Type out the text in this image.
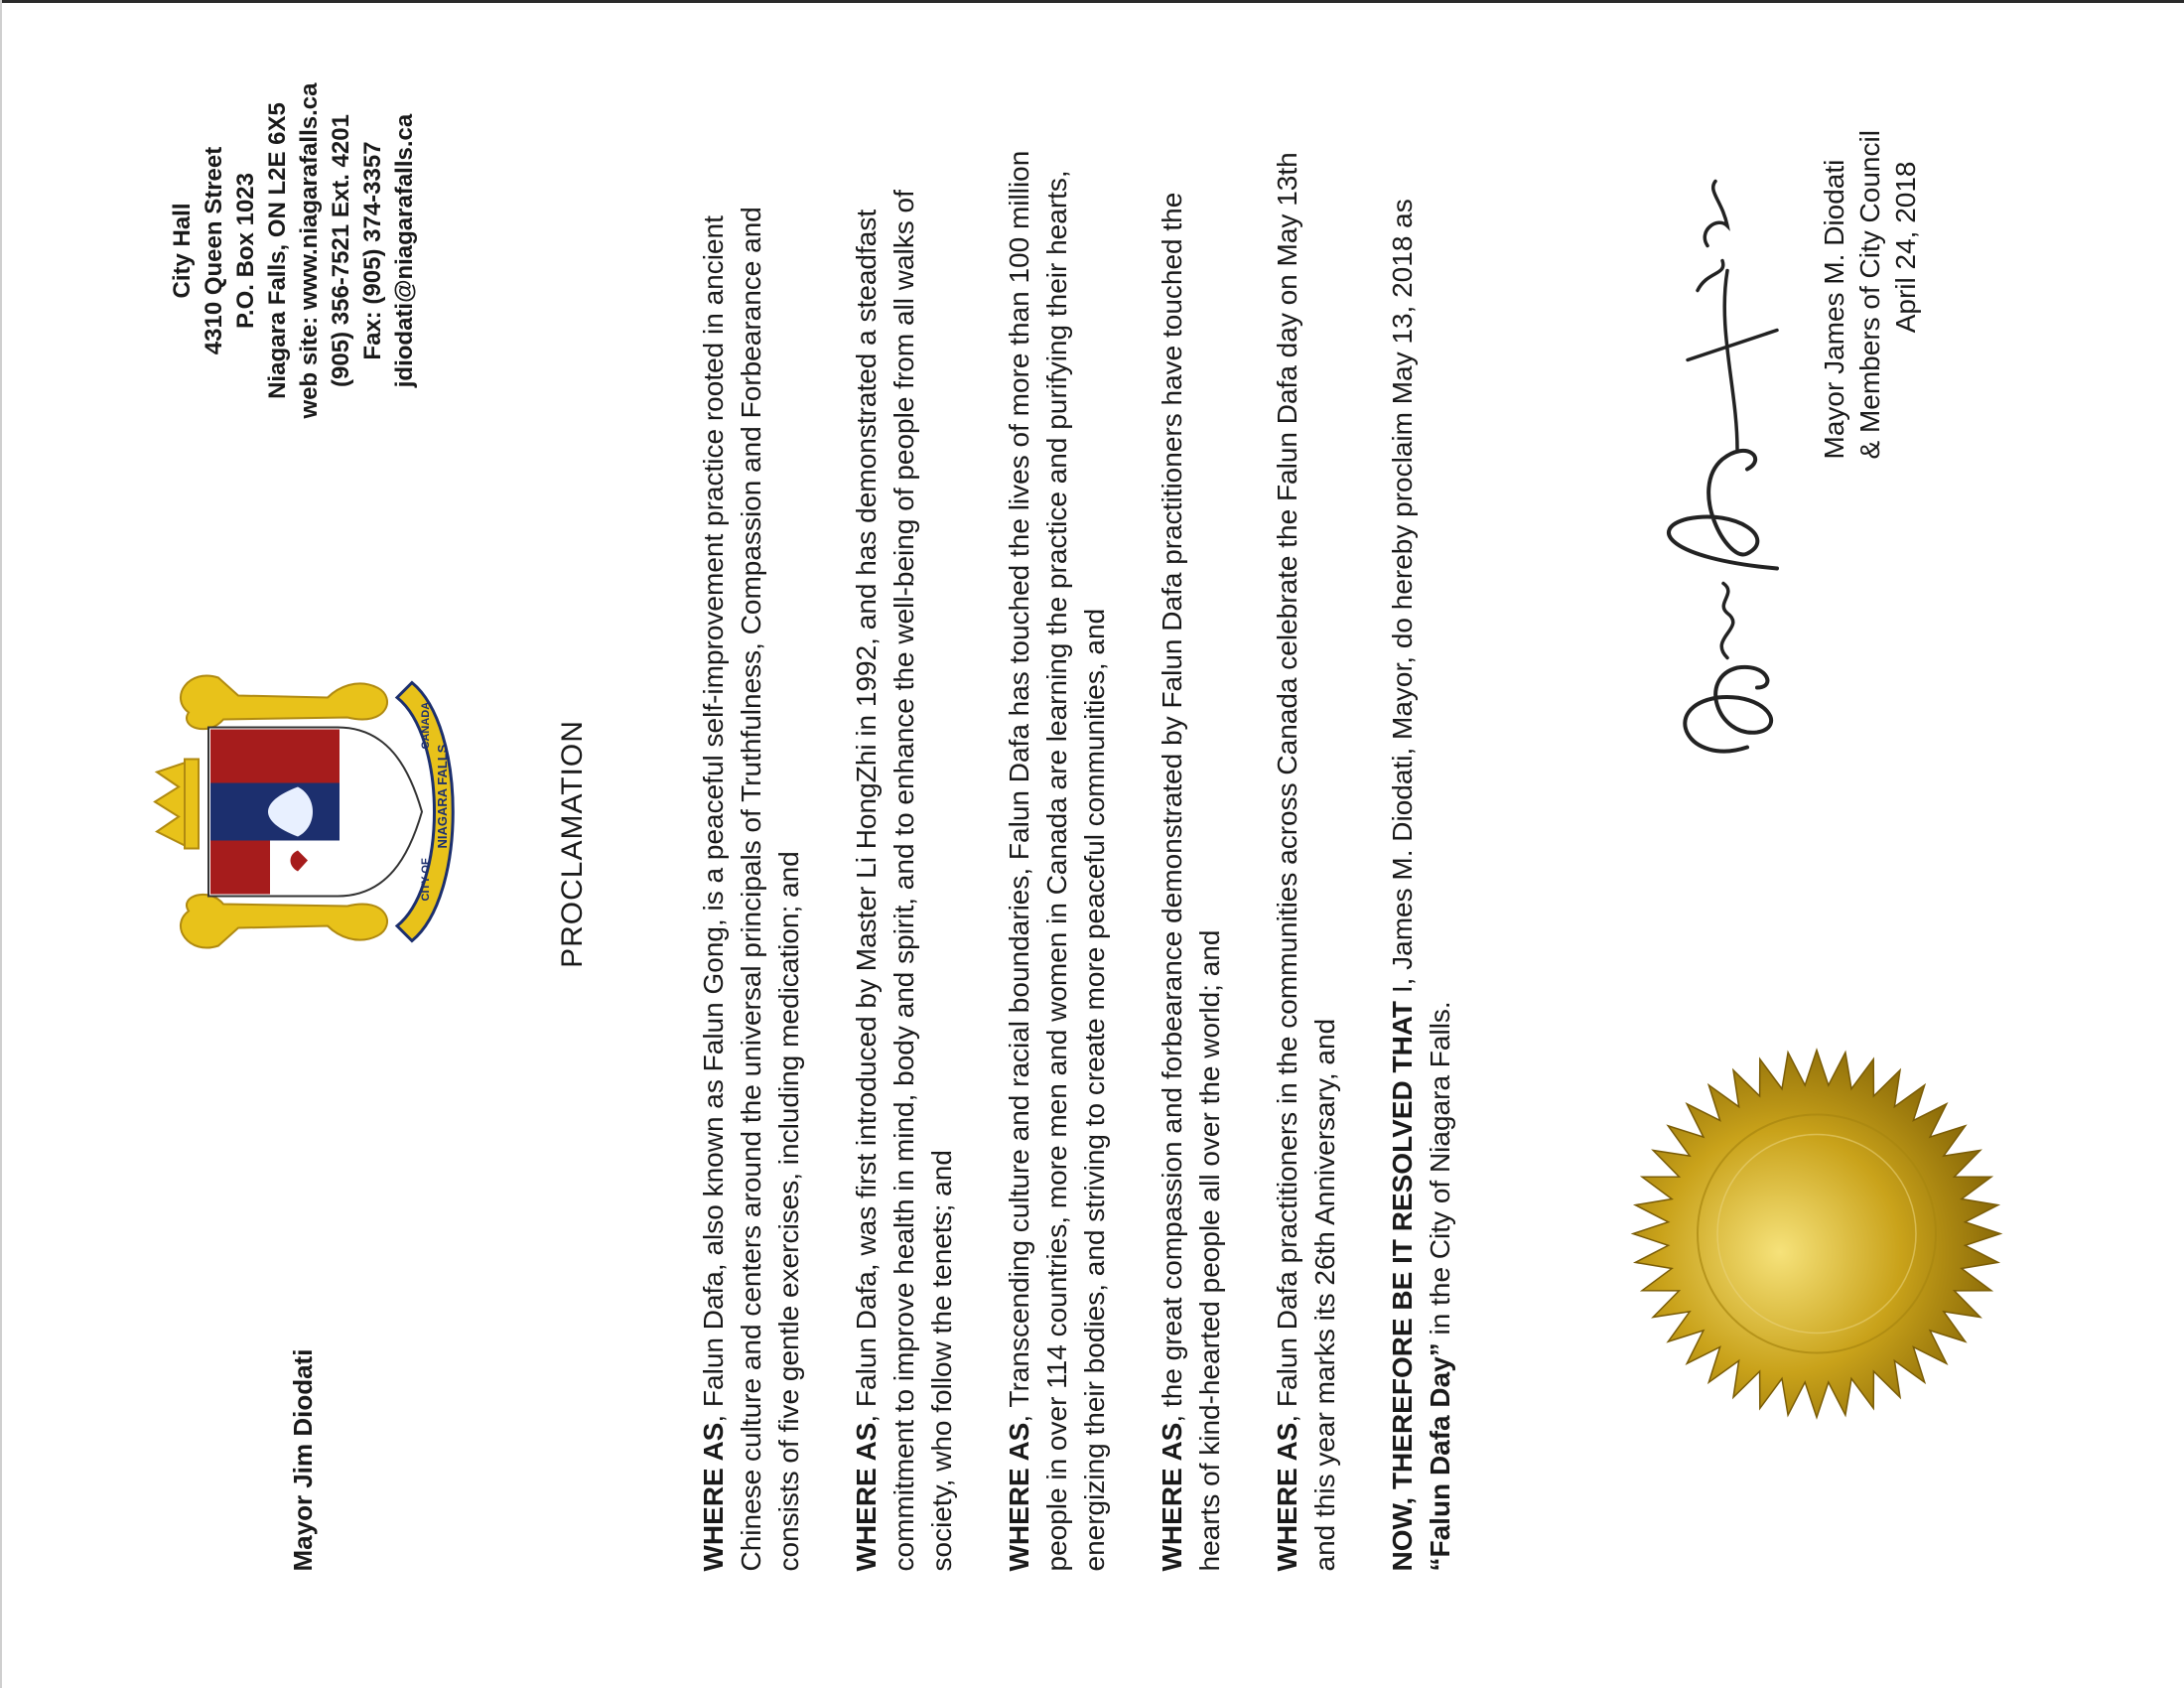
Mayor Jim Diodati
CITY OF
NIAGARA FALLS
CANADA
City Hall 4310 Queen Street P.O. Box 1023 Niagara Falls, ON L2E 6X5 web site: www.niagarafalls.ca (905) 356-7521 Ext. 4201 Fax: (905) 374-3357 jdiodati@niagarafalls.ca
PROCLAMATION

WHERE AS, Falun Dafa, also known as Falun Gong, is a peaceful self-improvement practice rooted in ancient Chinese culture and centers around the universal principals of Truthfulness, Compassion and Forbearance and consists of five gentle exercises, including medication; and WHERE AS, Falun Dafa, was first introduced by Master Li HongZhi in 1992, and has demonstrated a steadfast commitment to improve health in mind, body and spirit, and to enhance the well-being of people from all walks of society, who follow the tenets; and WHERE AS, Transcending culture and racial boundaries, Falun Dafa has touched the lives of more than 100 million people in over 114 countries, more men and women in Canada are learning the practice and purifying their hearts, energizing their bodies, and striving to create more peaceful communities, and WHERE AS, the great compassion and forbearance demonstrated by Falun Dafa practitioners have touched the hearts of kind-hearted people all over the world; and WHERE AS, Falun Dafa practitioners in the communities across Canada celebrate the Falun Dafa day on May 13th and this year marks its 26th Anniversary, and NOW, THEREFORE BE IT RESOLVED THAT I, James M. Diodati, Mayor, do hereby proclaim May 13, 2018 as “Falun Dafa Day” in the City of Niagara Falls.

Mayor James M. Diodati & Members of City Council April 24, 2018
